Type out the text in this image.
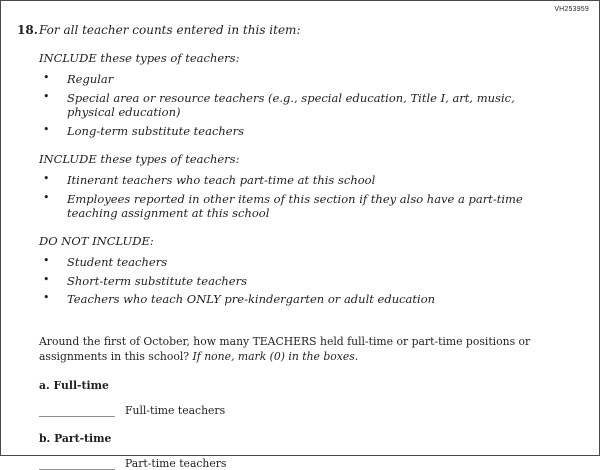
VH253959
18. For all teacher counts entered in this item:
INCLUDE these types of teachers:
• Regular
• Special area or resource teachers (e.g., special education, Title I, art, music, physical education)
• Long-term substitute teachers
INCLUDE these types of teachers:
• Itinerant teachers who teach part-time at this school
• Employees reported in other items of this section if they also have a part-time teaching assignment at this school
DO NOT INCLUDE:
• Student teachers
• Short-term substitute teachers
• Teachers who teach ONLY pre-kindergarten or adult education
Around the first of October, how many TEACHERS held full-time or part-time positions or assignments in this school? If none, mark (0) in the boxes.
a. Full-time
Full-time teachers
b. Part-time
Part-time teachers
